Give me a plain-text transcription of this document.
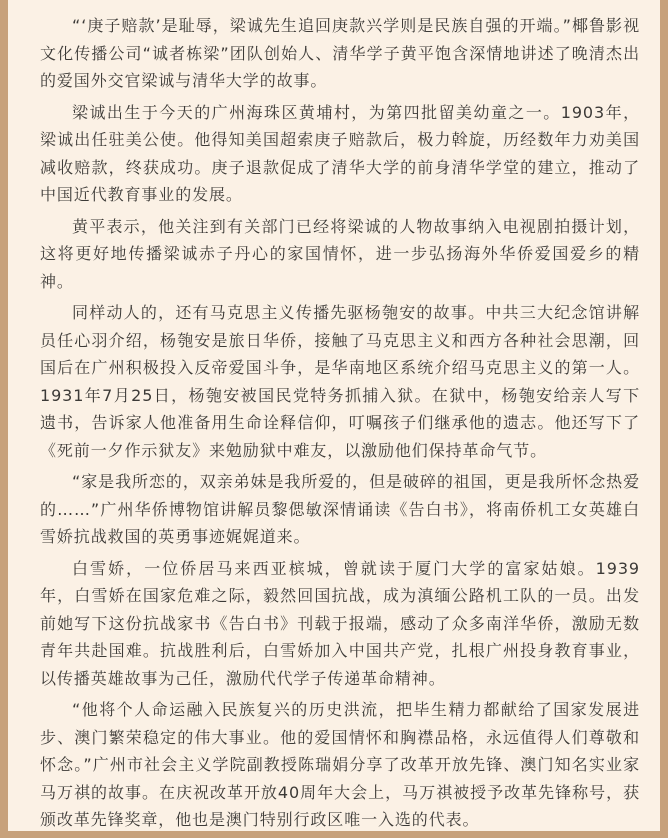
“‘庚子赔款’是耻辱，梁诚先生追回庚款兴学则是民族自强的开端。”椰鲁影视文化传播公司“诚者栋梁”团队创始人、清华学子黄平饱含深情地讲述了晚清杰出的爱国外交官梁诚与清华大学的故事。

梁诚出生于今天的广州海珠区黄埔村，为第四批留美幼童之一。1903年，梁诚出任驻美公使。他得知美国超索庚子赔款后，极力斡旋，历经数年力劝美国减收赔款，终获成功。庚子退款促成了清华大学的前身清华学堂的建立，推动了中国近代教育事业的发展。

黄平表示，他关注到有关部门已经将梁诚的人物故事纳入电视剧拍摄计划，这将更好地传播梁诚赤子丹心的家国情怀，进一步弘扬海外华侨爱国爱乡的精神。

同样动人的，还有马克思主义传播先驱杨匏安的故事。中共三大纪念馆讲解员任心羽介绍，杨匏安是旅日华侨，接触了马克思主义和西方各种社会思潮，回国后在广州积极投入反帝爱国斗争，是华南地区系统介绍马克思主义的第一人。1931年7月25日，杨匏安被国民党特务抓捕入狱。在狱中，杨匏安给亲人写下遗书，告诉家人他准备用生命诠释信仰，叮嘱孩子们继承他的遗志。他还写下了《死前一夕作示狱友》来勉励狱中难友，以激励他们保持革命气节。

“家是我所恋的，双亲弟妹是我所爱的，但是破碎的祖国，更是我所怀念热爱的……”广州华侨博物馆讲解员黎偲敏深情诵读《告白书》，将南侨机工女英雄白雪娇抗战救国的英勇事迹娓娓道来。

白雪娇，一位侨居马来西亚槟城，曾就读于厦门大学的富家姑娘。1939年，白雪娇在国家危难之际，毅然回国抗战，成为滇缅公路机工队的一员。出发前她写下这份抗战家书《告白书》刊载于报端，感动了众多南洋华侨，激励无数青年共赴国难。抗战胜利后，白雪娇加入中国共产党，扎根广州投身教育事业，以传播英雄故事为己任，激励代代学子传递革命精神。

“他将个人命运融入民族复兴的历史洪流，把毕生精力都献给了国家发展进步、澳门繁荣稳定的伟大事业。他的爱国情怀和胸襟品格，永远值得人们尊敬和怀念。”广州市社会主义学院副教授陈瑞娟分享了改革开放先锋、澳门知名实业家马万祺的故事。在庆祝改革开放40周年大会上，马万祺被授予改革先锋称号，获颁改革先锋奖章，他也是澳门特别行政区唯一入选的代表。
